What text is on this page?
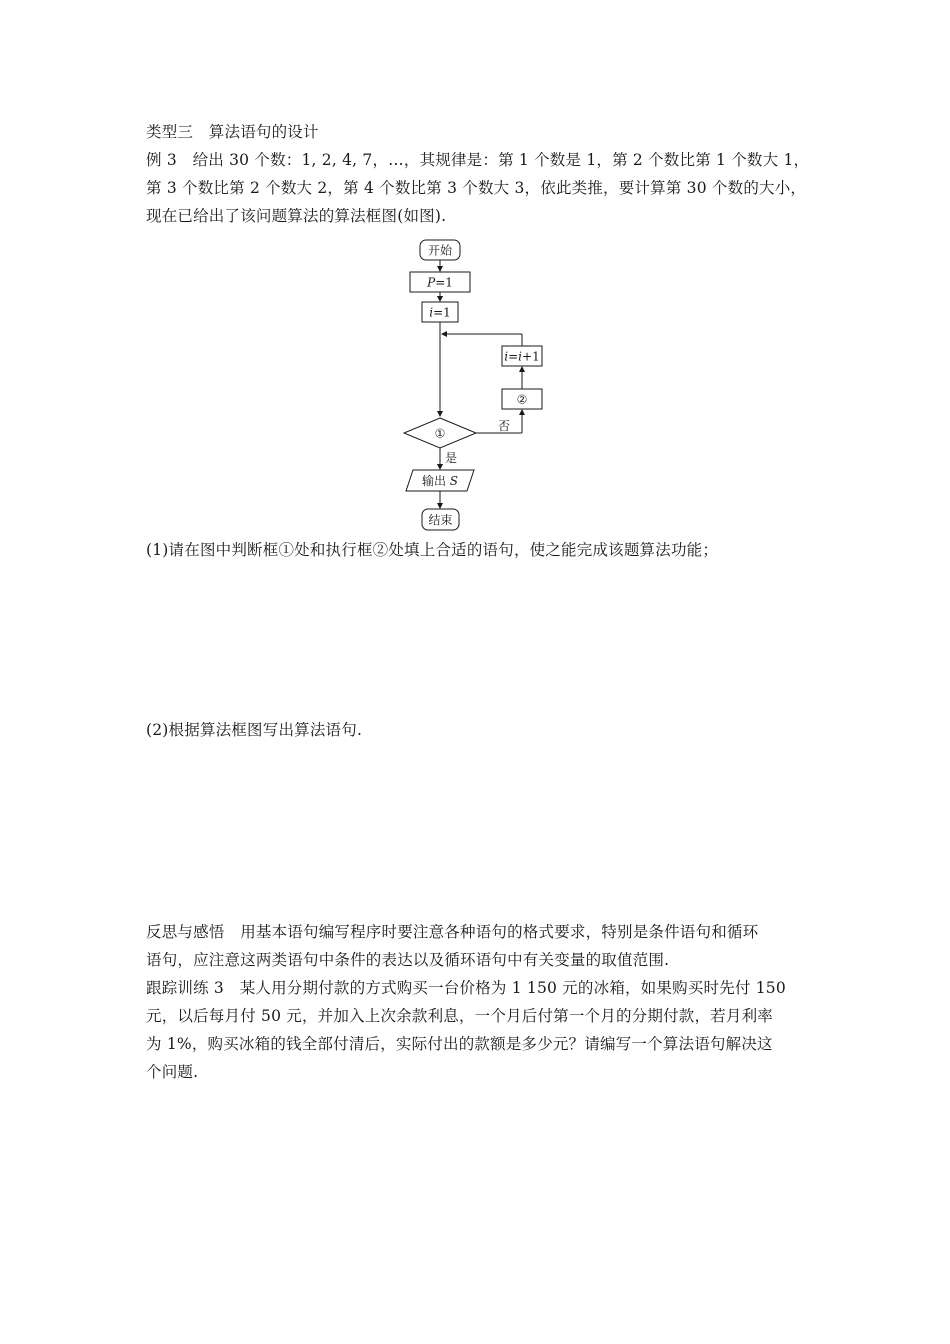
类型三　算法语句的设计
例 3　给出 30 个数：1, 2, 4, 7，…，其规律是：第 1 个数是 1，第 2 个数比第 1 个数大 1，
第 3 个数比第 2 个数大 2，第 4 个数比第 3 个数大 3，依此类推，要计算第 30 个数的大小，
现在已给出了该问题算法的算法框图(如图).
开始
P=1
i=1
i=i+1
②
①
否
是
输出 S
结束
(1)请在图中判断框①处和执行框②处填上合适的语句，使之能完成该题算法功能；
(2)根据算法框图写出算法语句.
反思与感悟　用基本语句编写程序时要注意各种语句的格式要求，特别是条件语句和循环
语句，应注意这两类语句中条件的表达以及循环语句中有关变量的取值范围.
跟踪训练 3　某人用分期付款的方式购买一台价格为 1 150 元的冰箱，如果购买时先付 150
元，以后每月付 50 元，并加入上次余款利息，一个月后付第一个月的分期付款，若月利率
为 1%，购买冰箱的钱全部付清后，实际付出的款额是多少元？请编写一个算法语句解决这
个问题.
